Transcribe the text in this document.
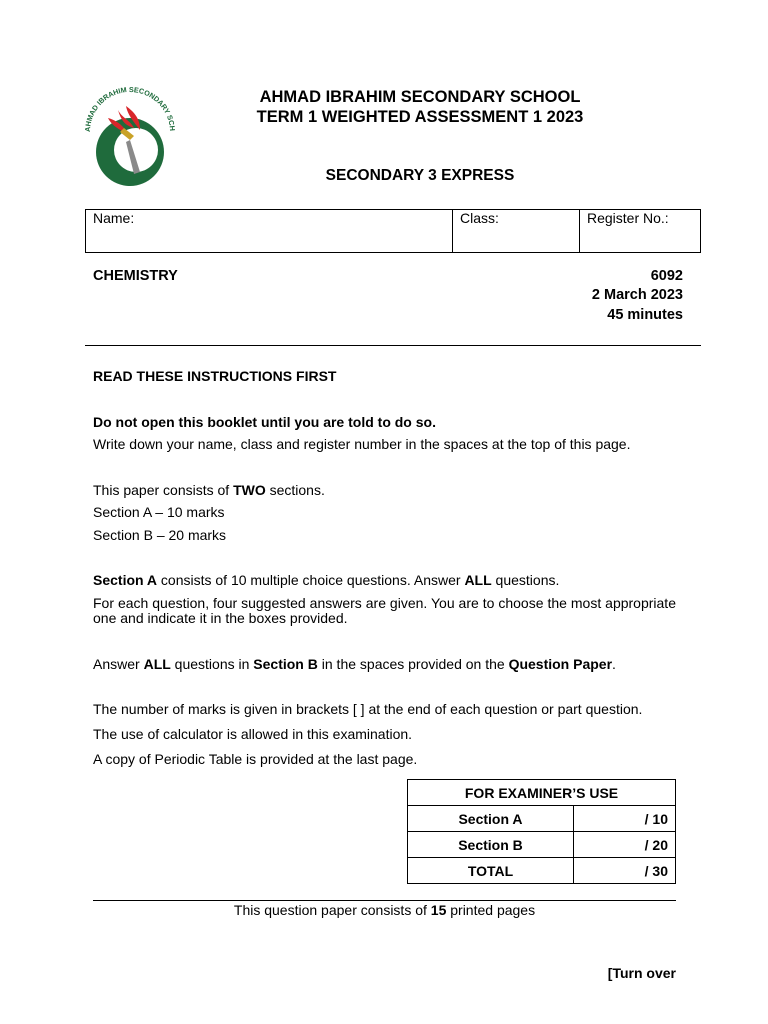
AHMAD IBRAHIM SECONDARY SCH
AHMAD IBRAHIM SECONDARY SCHOOL
TERM 1 WEIGHTED ASSESSMENT 1 2023
SECONDARY 3 EXPRESS
Name:	Class:	Register No.:
CHEMISTRY	6092
2 March 2023
45 minutes
READ THESE INSTRUCTIONS FIRST
Do not open this booklet until you are told to do so.
Write down your name, class and register number in the spaces at the top of this page.
This paper consists of TWO sections.
Section A – 10 marks
Section B – 20 marks
Section A consists of 10 multiple choice questions. Answer ALL questions.
For each question, four suggested answers are given. You are to choose the most appropriate one and indicate it in the boxes provided.
Answer ALL questions in Section B in the spaces provided on the Question Paper.
The number of marks is given in brackets [ ] at the end of each question or part question.
The use of calculator is allowed in this examination.
A copy of Periodic Table is provided at the last page.
FOR EXAMINER’S USE	
Section A	/ 10
Section B	/ 20
TOTAL	/ 30
This question paper consists of 15 printed pages
[Turn over
